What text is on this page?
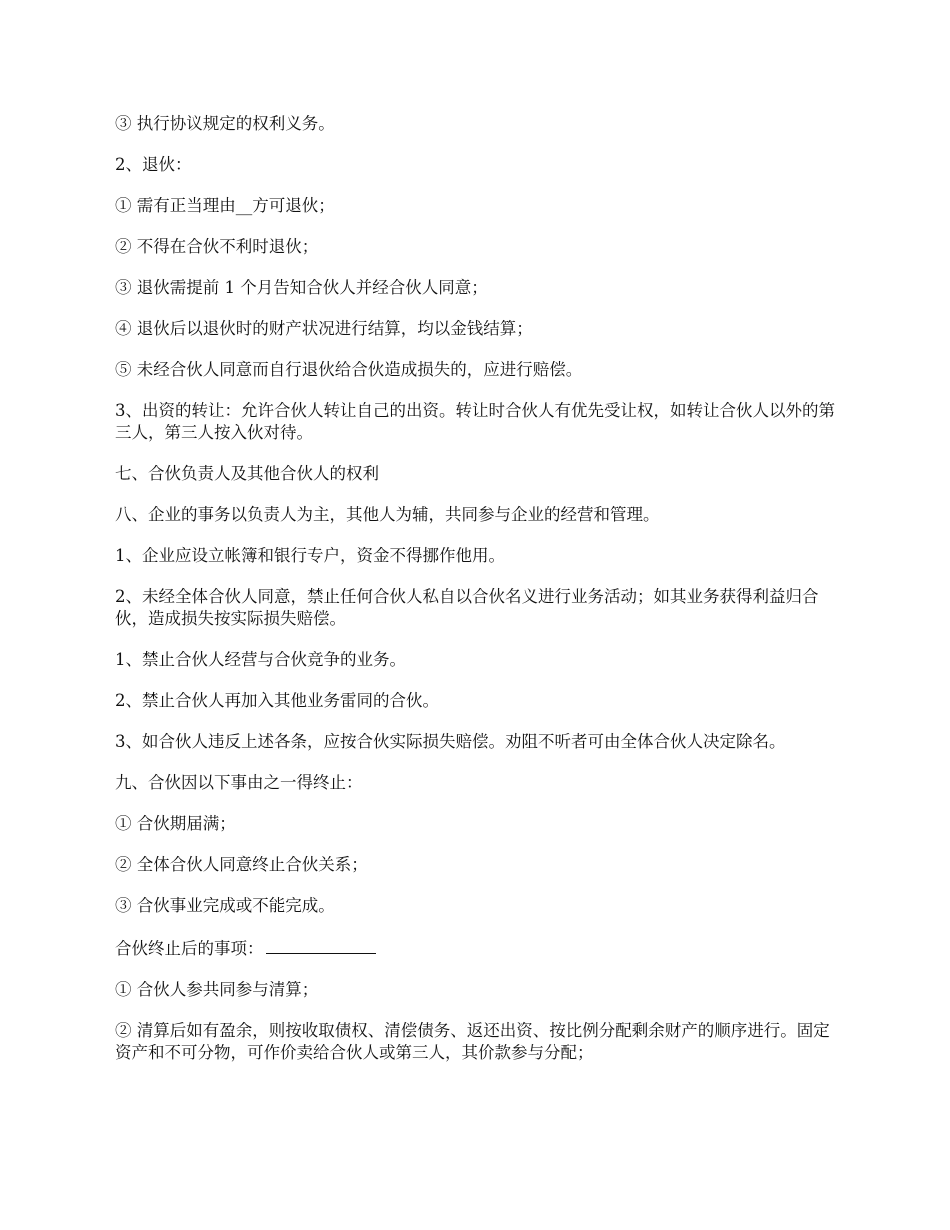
③ 执行协议规定的权利义务。

2、退伙：

① 需有正当理由__方可退伙；

② 不得在合伙不利时退伙；

③ 退伙需提前 1 个月告知合伙人并经合伙人同意；

④ 退伙后以退伙时的财产状况进行结算，均以金钱结算；

⑤ 未经合伙人同意而自行退伙给合伙造成损失的，应进行赔偿。

3、出资的转让：允许合伙人转让自己的出资。转让时合伙人有优先受让权，如转让合伙人以外的第三人，第三人按入伙对待。

七、合伙负责人及其他合伙人的权利

八、企业的事务以负责人为主，其他人为辅，共同参与企业的经营和管理。

1、企业应设立帐簿和银行专户，资金不得挪作他用。

2、未经全体合伙人同意，禁止任何合伙人私自以合伙名义进行业务活动；如其业务获得利益归合伙，造成损失按实际损失赔偿。

1、禁止合伙人经营与合伙竞争的业务。

2、禁止合伙人再加入其他业务雷同的合伙。

3、如合伙人违反上述各条，应按合伙实际损失赔偿。劝阻不听者可由全体合伙人决定除名。

九、合伙因以下事由之一得终止：

① 合伙期届满；

② 全体合伙人同意终止合伙关系；

③ 合伙事业完成或不能完成。

合伙终止后的事项：

① 合伙人参共同参与清算；

② 清算后如有盈余，则按收取债权、清偿债务、返还出资、按比例分配剩余财产的顺序进行。固定资产和不可分物，可作价卖给合伙人或第三人，其价款参与分配；
